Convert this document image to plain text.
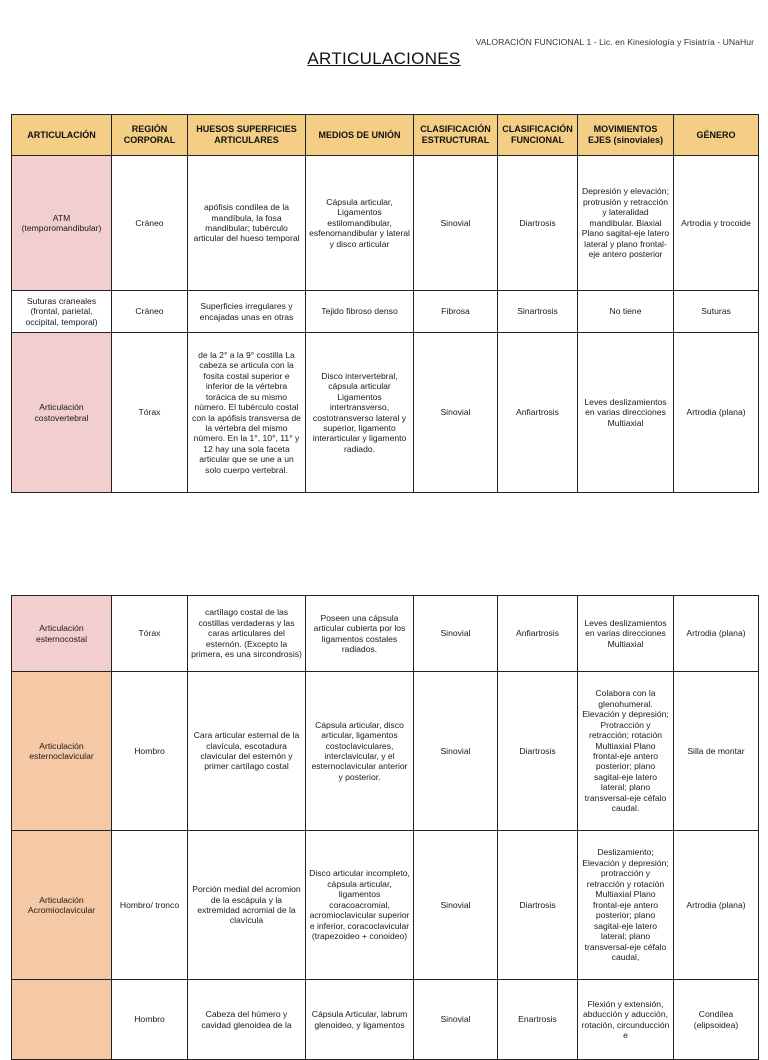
VALORACIÓN FUNCIONAL 1 - Lic. en Kinesiología y Fisiatría - UNaHur
ARTICULACIONES
ARTICULACIÓN	REGIÓN CORPORAL	HUESOS SUPERFICIES ARTICULARES	MEDIOS DE UNIÓN	CLASIFICACIÓN ESTRUCTURAL	CLASIFICACIÓN FUNCIONAL	MOVIMIENTOS EJES (sinoviales)	GÉNERO
ATM (temporomandibular)	Cráneo	apófisis condílea de la mandíbula, la fosa mandibular; tubérculo articular del hueso temporal	Cápsula articular, Ligamentos estilomandibular, esfenomandibular y lateral y disco articular	Sinovial	Diartrosis	Depresión y elevación; protrusión y retracción y lateralidad mandibular. Biaxial Plano sagital-eje latero lateral y plano frontal-eje antero posterior	Artrodia y trocoide
Suturas craneales (frontal, parietal, occipital, temporal)	Cráneo	Superficies irregulares y encajadas unas en otras	Tejido fibroso denso	Fibrosa	Sinartrosis	No tiene	Suturas
Articulación costovertebral	Tórax	de la 2° a la 9° costilla La cabeza se articula con la fosita costal superior e inferior de la vértebra torácica de su mismo número. El tubérculo costal con la apófisis transversa de la vértebra del mismo número. En la 1°, 10°, 11° y 12 hay una sola faceta articular que se une a un solo cuerpo vertebral.	Disco intervertebral, cápsula articular Ligamentos intertransverso, costotransverso lateral y superior, ligamento interarticular y ligamento radiado.	Sinovial	Anfiartrosis	Leves deslizamientos en varias direcciones Multiaxial	Artrodia (plana)
Articulación esternocostal	Tórax	cartílago costal de las costillas verdaderas y las caras articulares del esternón. (Excepto la primera, es una sircondrosis)	Poseen una cápsula articular cubierta por los ligamentos costales radiados.	Sinovial	Anfiartrosis	Leves deslizamientos en varias direcciones Multiaxial	Artrodia (plana)
Articulación esternoclavicular	Hombro	Cara articular esternal de la clavícula, escotadura clavicular del esternón y primer cartílago costal	Cápsula articular, disco articular, ligamentos costoclaviculares, interclavicular, y el esternoclavicular anterior y posterior.	Sinovial	Diartrosis	Colabora con la glenohumeral. Elevación y depresión; Protracción y retracción; rotación Multiaxial Plano frontal-eje antero posterior; plano sagital-eje latero lateral; plano transversal-eje céfalo caudal.	Silla de montar
Articulación Acromioclavicular	Hombro/ tronco	Porción medial del acromion de la escápula y la extremidad acromial de la clavícula	Disco articular incompleto, cápsula articular, ligamentos coracoacromial, acromioclavicular superior e inferior, coracoclavicular (trapezoideo + conoideo)	Sinovial	Diartrosis	Deslizamiento; Elevación y depresión; protracción y retracción y rotación Multiaxial Plano frontal-eje antero posterior; plano sagital-eje latero lateral; plano transversal-eje céfalo caudal,	Artrodia (plana)
	Hombro	Cabeza del húmero y cavidad glenoidea de la	Cápsula Articular, labrum glenoideo, y ligamentos	Sinovial	Enartrosis	Flexión y extensión, abducción y aducción, rotación, circunducción e	Condílea (elipsoidea)
